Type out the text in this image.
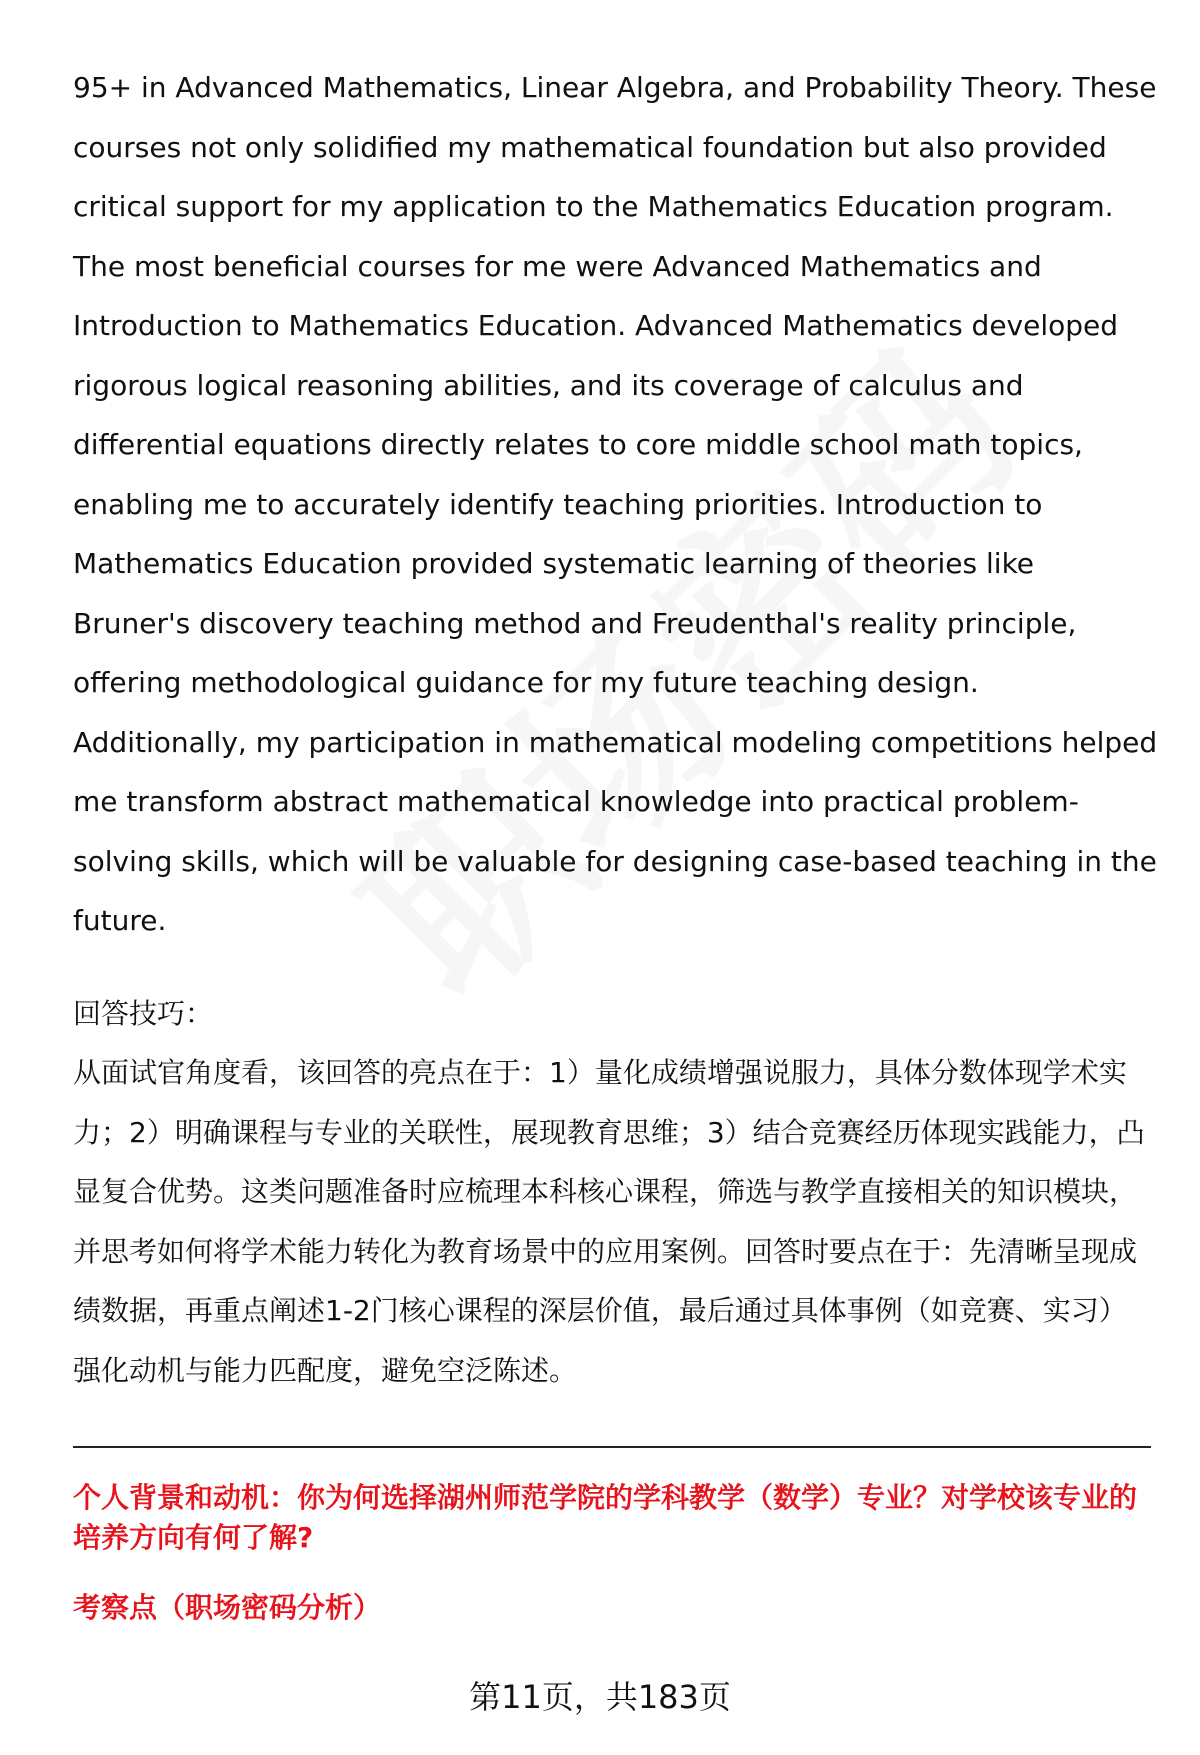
95+ in Advanced Mathematics, Linear Algebra, and Probability Theory. These courses not only solidified my mathematical foundation but also provided critical support for my application to the Mathematics Education program. The most beneficial courses for me were Advanced Mathematics and Introduction to Mathematics Education. Advanced Mathematics developed rigorous logical reasoning abilities, and its coverage of calculus and differential equations directly relates to core middle school math topics, enabling me to accurately identify teaching priorities. Introduction to Mathematics Education provided systematic learning of theories like Bruner's discovery teaching method and Freudenthal's reality principle, offering methodological guidance for my future teaching design. Additionally, my participation in mathematical modeling competitions helped me transform abstract mathematical knowledge into practical problem-solving skills, which will be valuable for designing case-based teaching in the future.

回答技巧：

从面试官角度看，该回答的亮点在于：1）量化成绩增强说服力，具体分数体现学术实力；2）明确课程与专业的关联性，展现教育思维；3）结合竞赛经历体现实践能力，凸显复合优势。这类问题准备时应梳理本科核心课程，筛选与教学直接相关的知识模块，并思考如何将学术能力转化为教育场景中的应用案例。回答时要点在于：先清晰呈现成绩数据，再重点阐述1-2门核心课程的深层价值，最后通过具体事例（如竞赛、实习）强化动机与能力匹配度，避免空泛陈述。

个人背景和动机：你为何选择湖州师范学院的学科教学（数学）专业？对学校该专业的培养方向有何了解?

考察点（职场密码分析）

第11页，共183页
